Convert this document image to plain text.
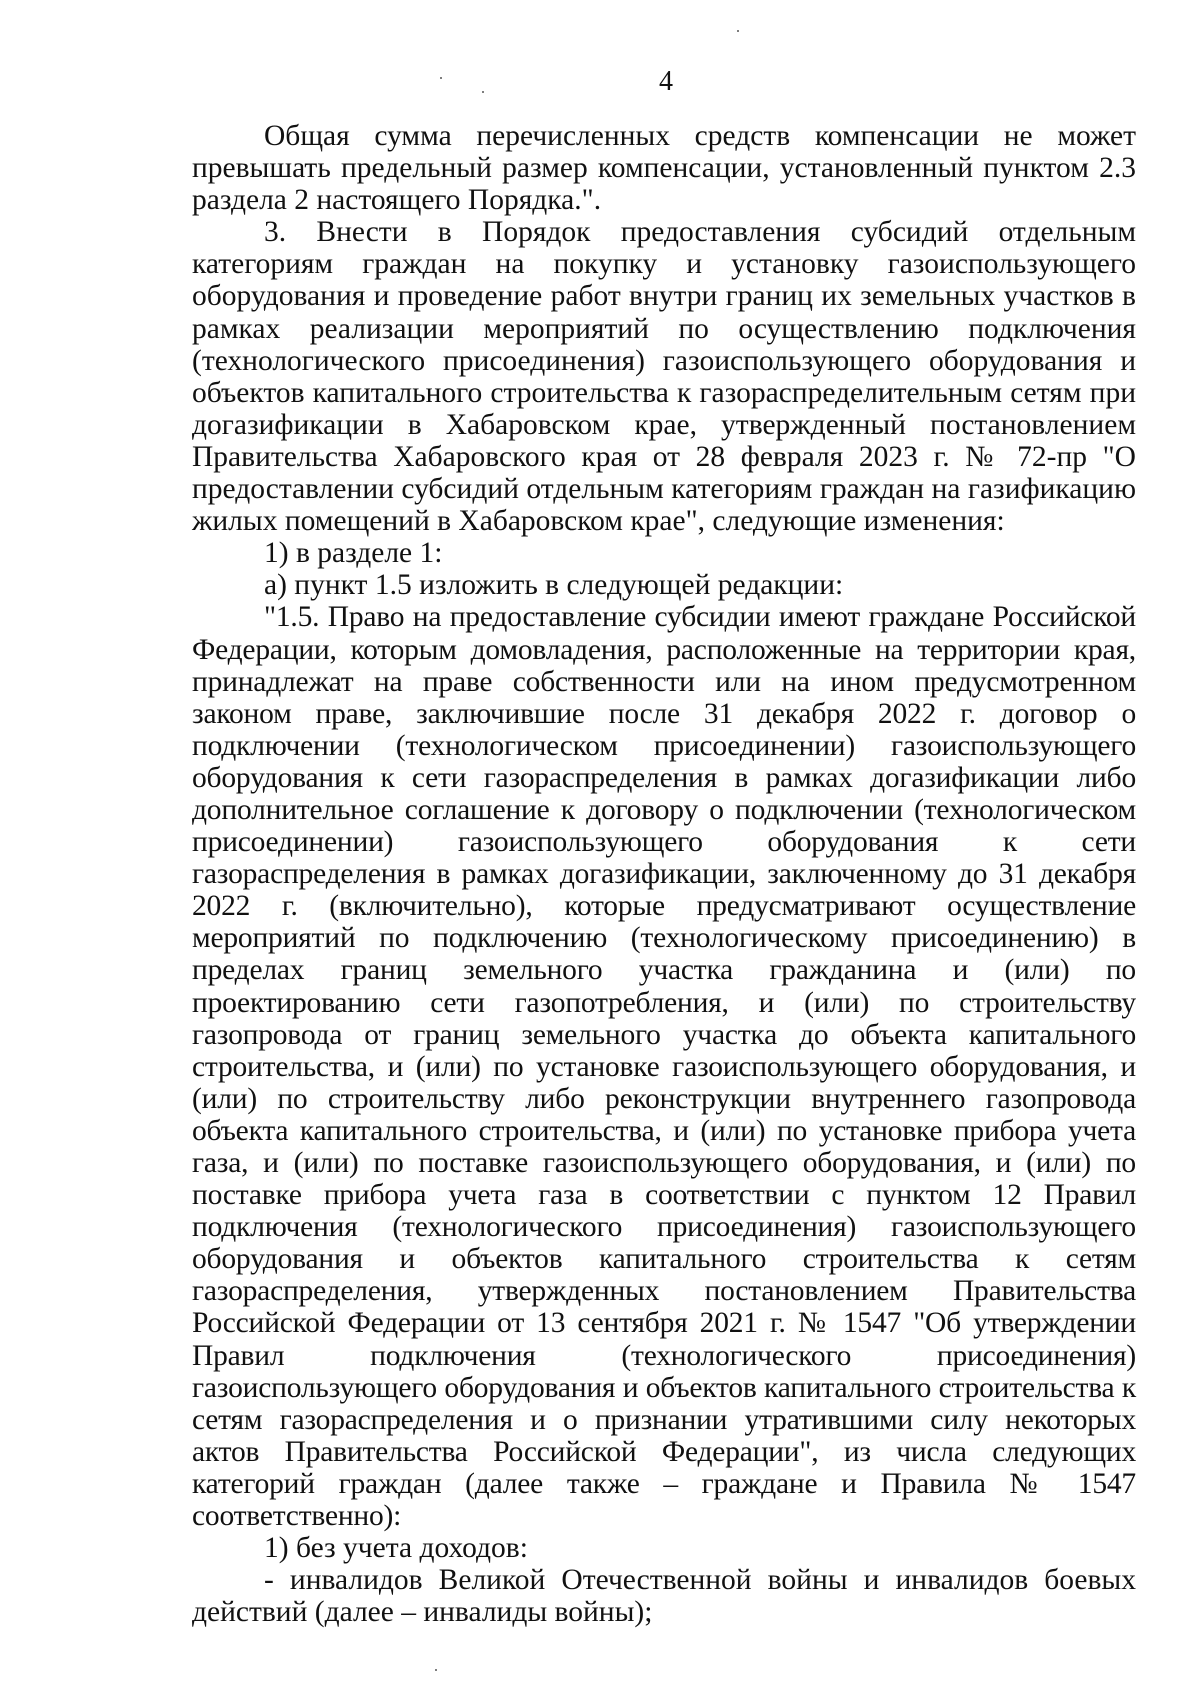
4

Общая сумма перечисленных средств компенсации не может превышать предельный размер компенсации, установленный пунктом 2.3 раздела 2 настоящего Порядка.".

3. Внести в Порядок предоставления субсидий отдельным категориям граждан на покупку и установку газоиспользующего оборудования и проведение работ внутри границ их земельных участков в рамках реализации мероприятий по осуществлению подключения (технологического присоединения) газоиспользующего оборудования и объектов капитального строительства к газораспределительным сетям при догазификации в Хабаровском крае, утвержденный постановлением Правительства Хабаровского края от 28 февраля 2023 г. № 72-пр "О предоставлении субсидий отдельным категориям граждан на газификацию жилых помещений в Хабаровском крае", следующие изменения:

1) в разделе 1:

а) пункт 1.5 изложить в следующей редакции:

"1.5. Право на предоставление субсидии имеют граждане Российской Федерации, которым домовладения, расположенные на территории края, принадлежат на праве собственности или на ином предусмотренном законом праве, заключившие после 31 декабря 2022 г. договор о подключении (технологическом присоединении) газоиспользующего оборудования к сети газораспределения в рамках догазификации либо дополнительное соглашение к договору о подключении (технологическом присоединении) газоиспользующего оборудования к сети газораспределения в рамках догазификации, заключенному до 31 декабря 2022 г. (включительно), которые предусматривают осуществление мероприятий по подключению (технологическому присоединению) в пределах границ земельного участка гражданина и (или) по проектированию сети газопотребления, и (или) по строительству газопровода от границ земельного участка до объекта капитального строительства, и (или) по установке газоиспользующего оборудования, и (или) по строительству либо реконструкции внутреннего газопровода объекта капитального строительства, и (или) по установке прибора учета газа, и (или) по поставке газоиспользующего оборудования, и (или) по поставке прибора учета газа в соответствии с пунктом 12 Правил подключения (технологического присоединения) газоиспользующего оборудования и объектов капитального строительства к сетям газораспределения, утвержденных постановлением Правительства Российской Федерации от 13 сентября 2021 г. № 1547 "Об утверждении Правил подключения (технологического присоединения) газоиспользующего оборудования и объектов капитального строительства к сетям газораспределения и о признании утратившими силу некоторых актов Правительства Российской Федерации", из числа следующих категорий граждан (далее также – граждане и Правила № 1547 соответственно):

1) без учета доходов:

- инвалидов Великой Отечественной войны и инвалидов боевых действий (далее – инвалиды войны);
